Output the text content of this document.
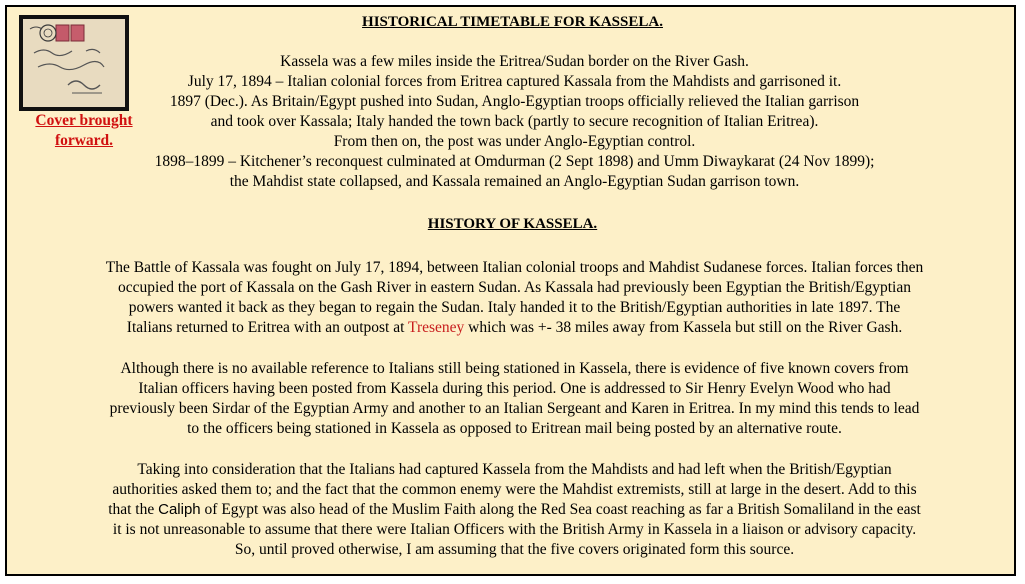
Cover brought
forward.
HISTORICAL TIMETABLE FOR KASSELA.
Kassela was a few miles inside the Eritrea/Sudan border on the River Gash.
July 17, 1894 – Italian colonial forces from Eritrea captured Kassala from the Mahdists and garrisoned it.
1897 (Dec.). As Britain/Egypt pushed into Sudan, Anglo-Egyptian troops officially relieved the Italian garrison
and took over Kassala; Italy handed the town back (partly to secure recognition of Italian Eritrea).
From then on, the post was under Anglo-Egyptian control.
1898–1899 – Kitchener’s reconquest culminated at Omdurman (2 Sept 1898) and Umm Diwaykarat (24 Nov 1899);
the Mahdist state collapsed, and Kassala remained an Anglo-Egyptian Sudan garrison town.
HISTORY OF KASSELA.
The Battle of Kassala was fought on July 17, 1894, between Italian colonial troops and Mahdist Sudanese forces. Italian forces then
occupied the port of Kassala on the Gash River in eastern Sudan. As Kassala had previously been Egyptian the British/Egyptian
powers wanted it back as they began to regain the Sudan. Italy handed it to the British/Egyptian authorities in late 1897. The
Italians returned to Eritrea with an outpost at Treseney which was +- 38 miles away from Kassela but still on the River Gash.
Although there is no available reference to Italians still being stationed in Kassela, there is evidence of five known covers from
Italian officers having been posted from Kassela during this period. One is addressed to Sir Henry Evelyn Wood who had
previously been Sirdar of the Egyptian Army and another to an Italian Sergeant and Karen in Eritrea. In my mind this tends to lead
to the officers being stationed in Kassela as opposed to Eritrean mail being posted by an alternative route.
Taking into consideration that the Italians had captured Kassela from the Mahdists and had left when the British/Egyptian
authorities asked them to; and the fact that the common enemy were the Mahdist extremists, still at large in the desert. Add to this
that the Caliph of Egypt was also head of the Muslim Faith along the Red Sea coast reaching as far a British Somaliland in the east
it is not unreasonable to assume that there were Italian Officers with the British Army in Kassela in a liaison or advisory capacity.
So, until proved otherwise, I am assuming that the five covers originated form this source.
